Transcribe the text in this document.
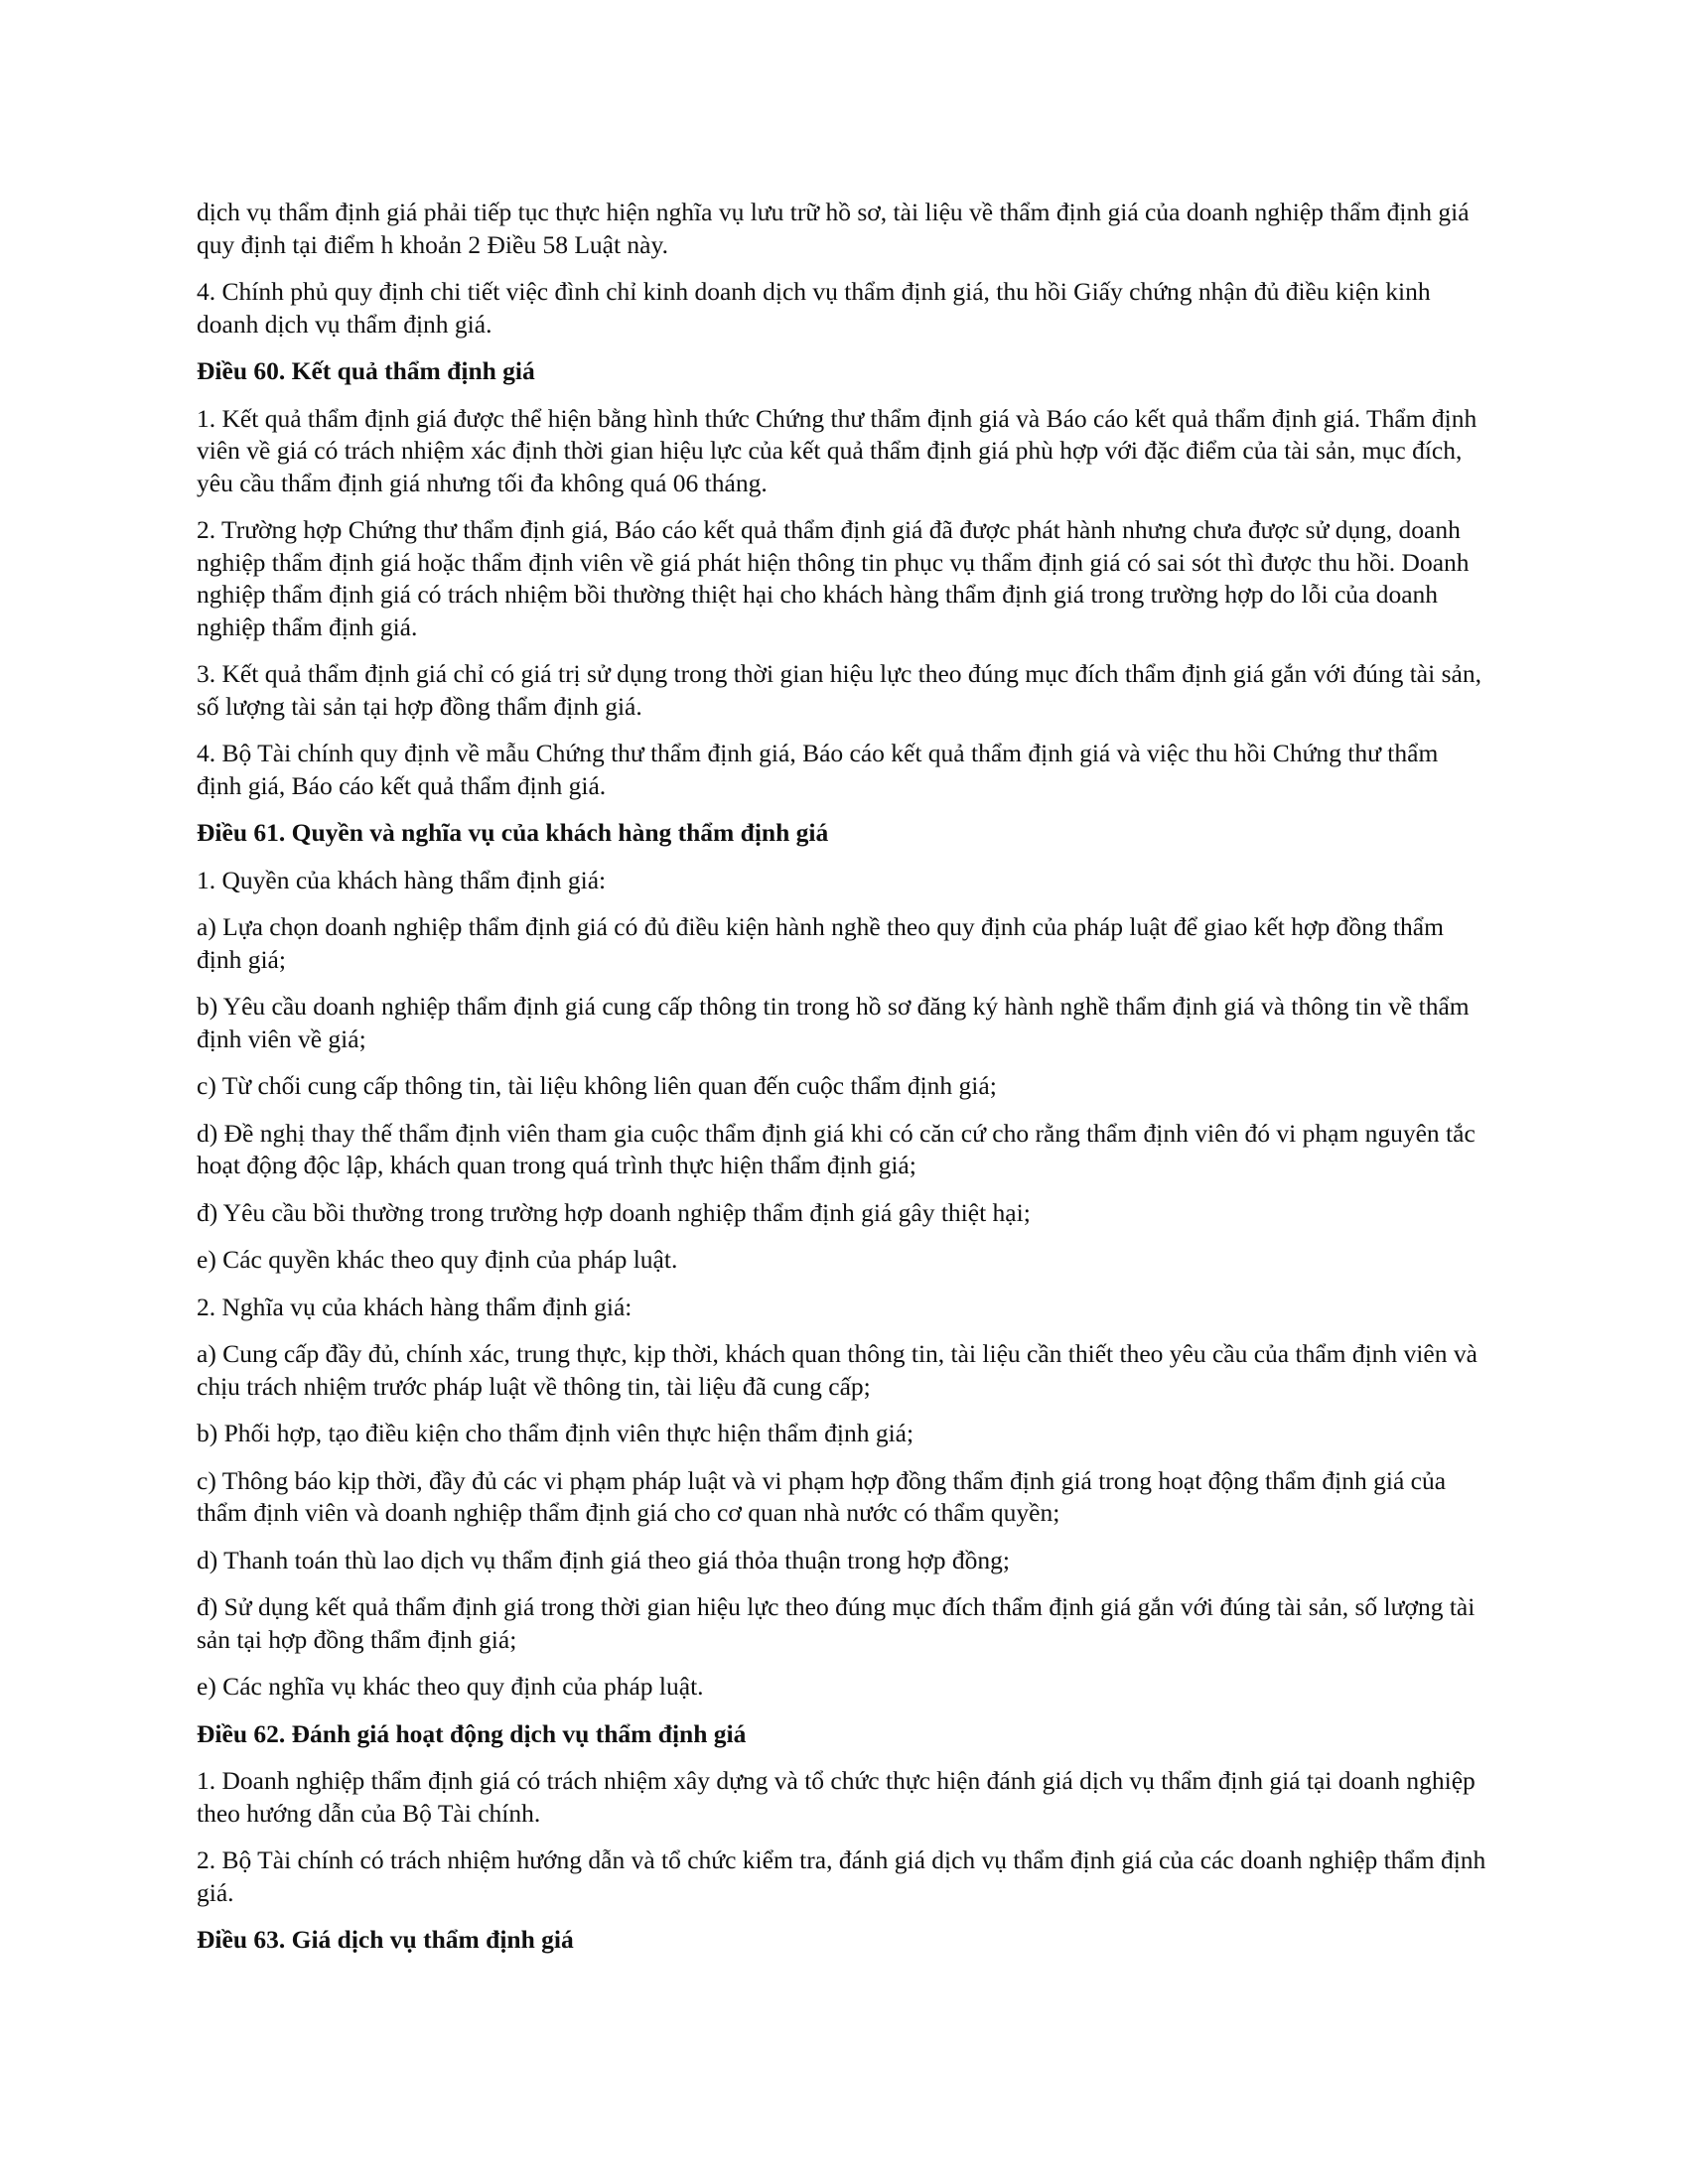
dịch vụ thẩm định giá phải tiếp tục thực hiện nghĩa vụ lưu trữ hồ sơ, tài liệu về thẩm định giá của doanh nghiệp thẩm định giá quy định tại điểm h khoản 2 Điều 58 Luật này.

4. Chính phủ quy định chi tiết việc đình chỉ kinh doanh dịch vụ thẩm định giá, thu hồi Giấy chứng nhận đủ điều kiện kinh doanh dịch vụ thẩm định giá.

Điều 60. Kết quả thẩm định giá

1. Kết quả thẩm định giá được thể hiện bằng hình thức Chứng thư thẩm định giá và Báo cáo kết quả thẩm định giá. Thẩm định viên về giá có trách nhiệm xác định thời gian hiệu lực của kết quả thẩm định giá phù hợp với đặc điểm của tài sản, mục đích, yêu cầu thẩm định giá nhưng tối đa không quá 06 tháng.

2. Trường hợp Chứng thư thẩm định giá, Báo cáo kết quả thẩm định giá đã được phát hành nhưng chưa được sử dụng, doanh nghiệp thẩm định giá hoặc thẩm định viên về giá phát hiện thông tin phục vụ thẩm định giá có sai sót thì được thu hồi. Doanh nghiệp thẩm định giá có trách nhiệm bồi thường thiệt hại cho khách hàng thẩm định giá trong trường hợp do lỗi của doanh nghiệp thẩm định giá.

3. Kết quả thẩm định giá chỉ có giá trị sử dụng trong thời gian hiệu lực theo đúng mục đích thẩm định giá gắn với đúng tài sản, số lượng tài sản tại hợp đồng thẩm định giá.

4. Bộ Tài chính quy định về mẫu Chứng thư thẩm định giá, Báo cáo kết quả thẩm định giá và việc thu hồi Chứng thư thẩm định giá, Báo cáo kết quả thẩm định giá.

Điều 61. Quyền và nghĩa vụ của khách hàng thẩm định giá

1. Quyền của khách hàng thẩm định giá:

a) Lựa chọn doanh nghiệp thẩm định giá có đủ điều kiện hành nghề theo quy định của pháp luật để giao kết hợp đồng thẩm định giá;

b) Yêu cầu doanh nghiệp thẩm định giá cung cấp thông tin trong hồ sơ đăng ký hành nghề thẩm định giá và thông tin về thẩm định viên về giá;

c) Từ chối cung cấp thông tin, tài liệu không liên quan đến cuộc thẩm định giá;

d) Đề nghị thay thế thẩm định viên tham gia cuộc thẩm định giá khi có căn cứ cho rằng thẩm định viên đó vi phạm nguyên tắc hoạt động độc lập, khách quan trong quá trình thực hiện thẩm định giá;

đ) Yêu cầu bồi thường trong trường hợp doanh nghiệp thẩm định giá gây thiệt hại;

e) Các quyền khác theo quy định của pháp luật.

2. Nghĩa vụ của khách hàng thẩm định giá:

a) Cung cấp đầy đủ, chính xác, trung thực, kịp thời, khách quan thông tin, tài liệu cần thiết theo yêu cầu của thẩm định viên và chịu trách nhiệm trước pháp luật về thông tin, tài liệu đã cung cấp;

b) Phối hợp, tạo điều kiện cho thẩm định viên thực hiện thẩm định giá;

c) Thông báo kịp thời, đầy đủ các vi phạm pháp luật và vi phạm hợp đồng thẩm định giá trong hoạt động thẩm định giá của thẩm định viên và doanh nghiệp thẩm định giá cho cơ quan nhà nước có thẩm quyền;

d) Thanh toán thù lao dịch vụ thẩm định giá theo giá thỏa thuận trong hợp đồng;

đ) Sử dụng kết quả thẩm định giá trong thời gian hiệu lực theo đúng mục đích thẩm định giá gắn với đúng tài sản, số lượng tài sản tại hợp đồng thẩm định giá;

e) Các nghĩa vụ khác theo quy định của pháp luật.

Điều 62. Đánh giá hoạt động dịch vụ thẩm định giá

1. Doanh nghiệp thẩm định giá có trách nhiệm xây dựng và tổ chức thực hiện đánh giá dịch vụ thẩm định giá tại doanh nghiệp theo hướng dẫn của Bộ Tài chính.

2. Bộ Tài chính có trách nhiệm hướng dẫn và tổ chức kiểm tra, đánh giá dịch vụ thẩm định giá của các doanh nghiệp thẩm định giá.

Điều 63. Giá dịch vụ thẩm định giá
